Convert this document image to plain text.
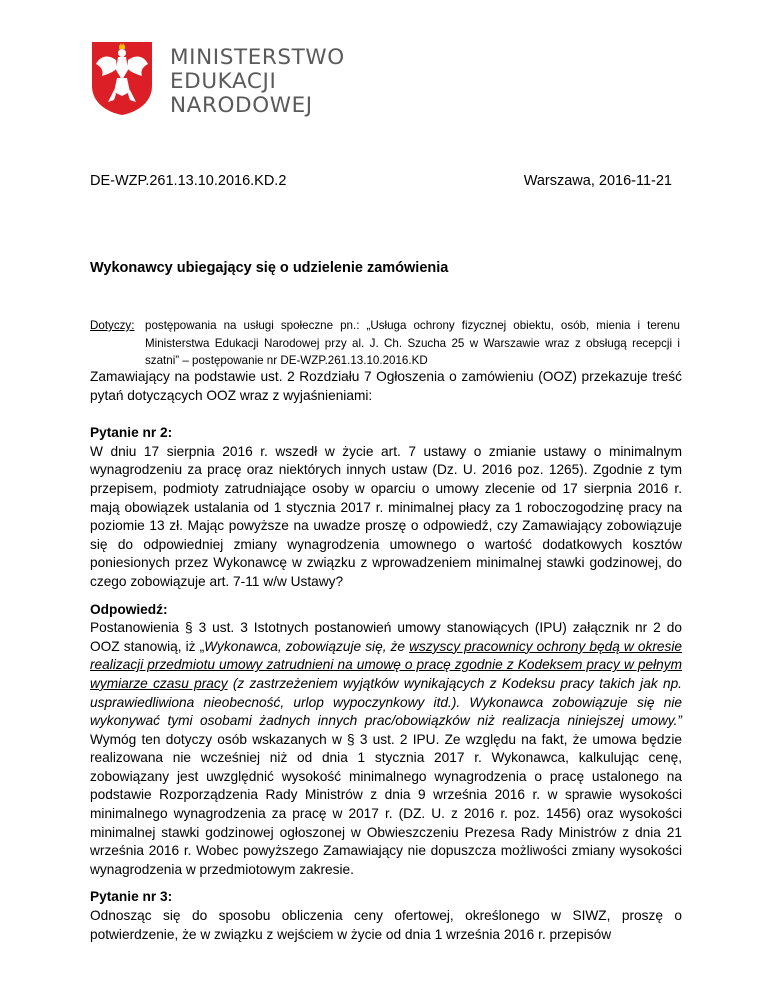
MINISTERSTWO
EDUKACJI
NARODOWEJ
DE-WZP.261.13.10.2016.KD.2	Warszawa, 2016-11-21
Wykonawcy ubiegający się o udzielenie zamówienia
Dotyczy: postępowania na usługi społeczne pn.: „Usługa ochrony fizycznej obiektu, osób, mienia i terenu Ministerstwa Edukacji Narodowej przy al. J. Ch. Szucha 25 w Warszawie wraz z obsługą recepcji i szatni” – postępowanie nr DE-WZP.261.13.10.2016.KD

Zamawiający na podstawie ust. 2 Rozdziału 7 Ogłoszenia o zamówieniu (OOZ) przekazuje treść pytań dotyczących OOZ wraz z wyjaśnieniami:

Pytanie nr 2:
W dniu 17 sierpnia 2016 r. wszedł w życie art. 7 ustawy o zmianie ustawy o minimalnym wynagrodzeniu za pracę oraz niektórych innych ustaw (Dz. U. 2016 poz. 1265). Zgodnie z tym przepisem, podmioty zatrudniające osoby w oparciu o umowy zlecenie od 17 sierpnia 2016 r. mają obowiązek ustalania od 1 stycznia 2017 r. minimalnej płacy za 1 roboczogodzinę pracy na poziomie 13 zł. Mając powyższe na uwadze proszę o odpowiedź, czy Zamawiający zobowiązuje się do odpowiedniej zmiany wynagrodzenia umownego o wartość dodatkowych kosztów poniesionych przez Wykonawcę w związku z wprowadzeniem minimalnej stawki godzinowej, do czego zobowiązuje art. 7-11 w/w Ustawy?

Odpowiedź:
Postanowienia § 3 ust. 3 Istotnych postanowień umowy stanowiących (IPU) załącznik nr 2 do OOZ stanowią, iż „Wykonawca, zobowiązuje się, że wszyscy pracownicy ochrony będą w okresie realizacji przedmiotu umowy zatrudnieni na umowę o pracę zgodnie z Kodeksem pracy w pełnym wymiarze czasu pracy (z zastrzeżeniem wyjątków wynikających z Kodeksu pracy takich jak np. usprawiedliwiona nieobecność, urlop wypoczynkowy itd.). Wykonawca zobowiązuje się nie wykonywać tymi osobami żadnych innych prac/obowiązków niż realizacja niniejszej umowy.” Wymóg ten dotyczy osób wskazanych w § 3 ust. 2 IPU. Ze względu na fakt, że umowa będzie realizowana nie wcześniej niż od dnia 1 stycznia 2017 r. Wykonawca, kalkulując cenę, zobowiązany jest uwzględnić wysokość minimalnego wynagrodzenia o pracę ustalonego na podstawie Rozporządzenia Rady Ministrów z dnia 9 września 2016 r. w sprawie wysokości minimalnego wynagrodzenia za pracę w 2017 r. (DZ. U. z 2016 r. poz. 1456) oraz wysokości minimalnej stawki godzinowej ogłoszonej w Obwieszczeniu Prezesa Rady Ministrów z dnia 21 września 2016 r. Wobec powyższego Zamawiający nie dopuszcza możliwości zmiany wysokości wynagrodzenia w przedmiotowym zakresie.

Pytanie nr 3:
Odnosząc się do sposobu obliczenia ceny ofertowej, określonego w SIWZ, proszę o potwierdzenie, że w związku z wejściem w życie od dnia 1 września 2016 r. przepisów
